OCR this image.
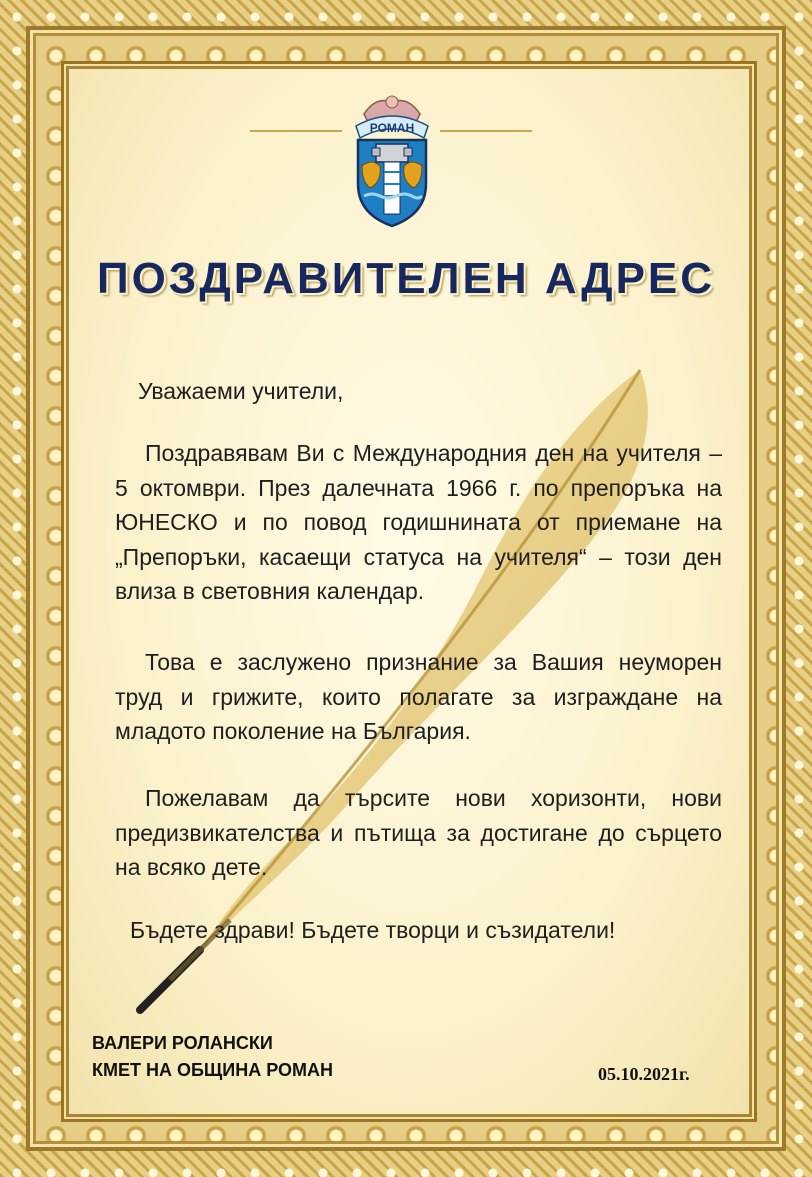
РОМАН
ПОЗДРАВИТЕЛЕН АДРЕС
Уважаеми учители,
Поздравявам Ви с Международния ден на учителя – 5 октомври. През далечната 1966 г. по препоръка на ЮНЕСКО и по повод годишнината от приемане на „Препоръки, касаещи статуса на учителя“ – този ден влиза в световния календар.
Това е заслужено признание за Вашия неуморен труд и грижите, които полагате за изграждане на младото поколение на България.
Пожелавам да търсите нови хоризонти, нови предизвикателства и пътища за достигане до сърцето на всяко дете.
Бъдете здрави! Бъдете творци и съзидатели!
ВАЛЕРИ РОЛАНСКИ
КМЕТ НА ОБЩИНА РОМАН	05.10.2021г.
